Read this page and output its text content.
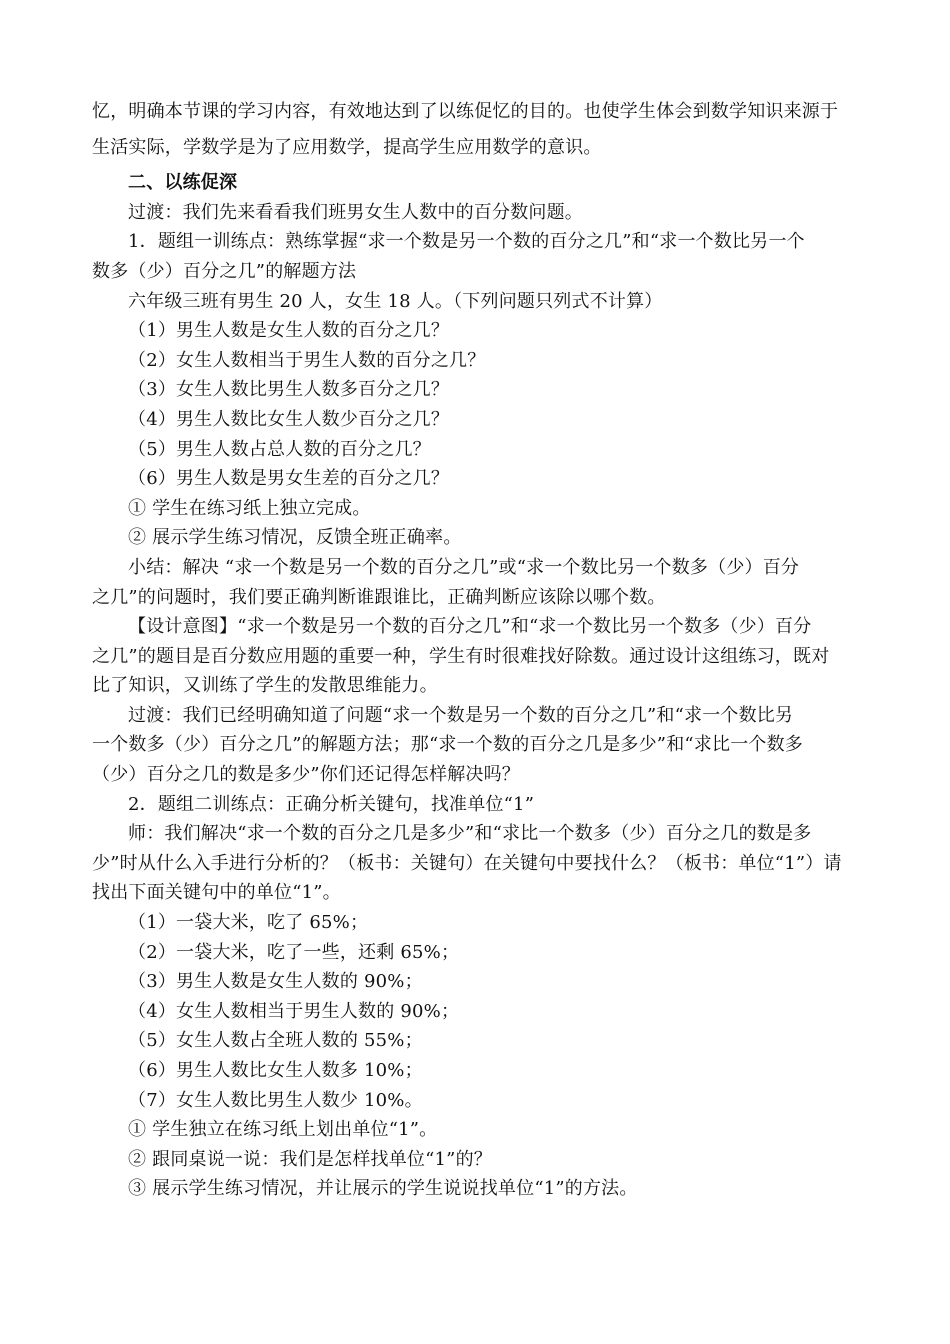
忆，明确本节课的学习内容，有效地达到了以练促忆的目的。也使学生体会到数学知识来源于
生活实际，学数学是为了应用数学，提高学生应用数学的意识。
二、以练促深
过渡：我们先来看看我们班男女生人数中的百分数问题。
1．题组一训练点：熟练掌握“求一个数是另一个数的百分之几”和“求一个数比另一个
数多（少）百分之几”的解题方法
六年级三班有男生 20 人，女生 18 人。（下列问题只列式不计算）
（1）男生人数是女生人数的百分之几？
（2）女生人数相当于男生人数的百分之几？
（3）女生人数比男生人数多百分之几？
（4）男生人数比女生人数少百分之几？
（5）男生人数占总人数的百分之几？
（6）男生人数是男女生差的百分之几？
① 学生在练习纸上独立完成。
② 展示学生练习情况，反馈全班正确率。
小结：解决 “求一个数是另一个数的百分之几”或“求一个数比另一个数多（少）百分
之几”的问题时，我们要正确判断谁跟谁比，正确判断应该除以哪个数。
【设计意图】“求一个数是另一个数的百分之几”和“求一个数比另一个数多（少）百分
之几”的题目是百分数应用题的重要一种，学生有时很难找好除数。通过设计这组练习，既对
比了知识，又训练了学生的发散思维能力。
过渡：我们已经明确知道了问题“求一个数是另一个数的百分之几”和“求一个数比另
一个数多（少）百分之几”的解题方法；那“求一个数的百分之几是多少”和“求比一个数多
（少）百分之几的数是多少”你们还记得怎样解决吗？
2．题组二训练点：正确分析关键句，找准单位“1”
师：我们解决“求一个数的百分之几是多少”和“求比一个数多（少）百分之几的数是多
少”时从什么入手进行分析的？（板书：关键句）在关键句中要找什么？（板书：单位“1”）请
找出下面关键句中的单位“1”。
（1）一袋大米，吃了 65%；
（2）一袋大米，吃了一些，还剩 65%；
（3）男生人数是女生人数的 90%；
（4）女生人数相当于男生人数的 90%；
（5）女生人数占全班人数的 55%；
（6）男生人数比女生人数多 10%；
（7）女生人数比男生人数少 10%。
① 学生独立在练习纸上划出单位“1”。
② 跟同桌说一说：我们是怎样找单位“1”的？
③ 展示学生练习情况，并让展示的学生说说找单位“1”的方法。
